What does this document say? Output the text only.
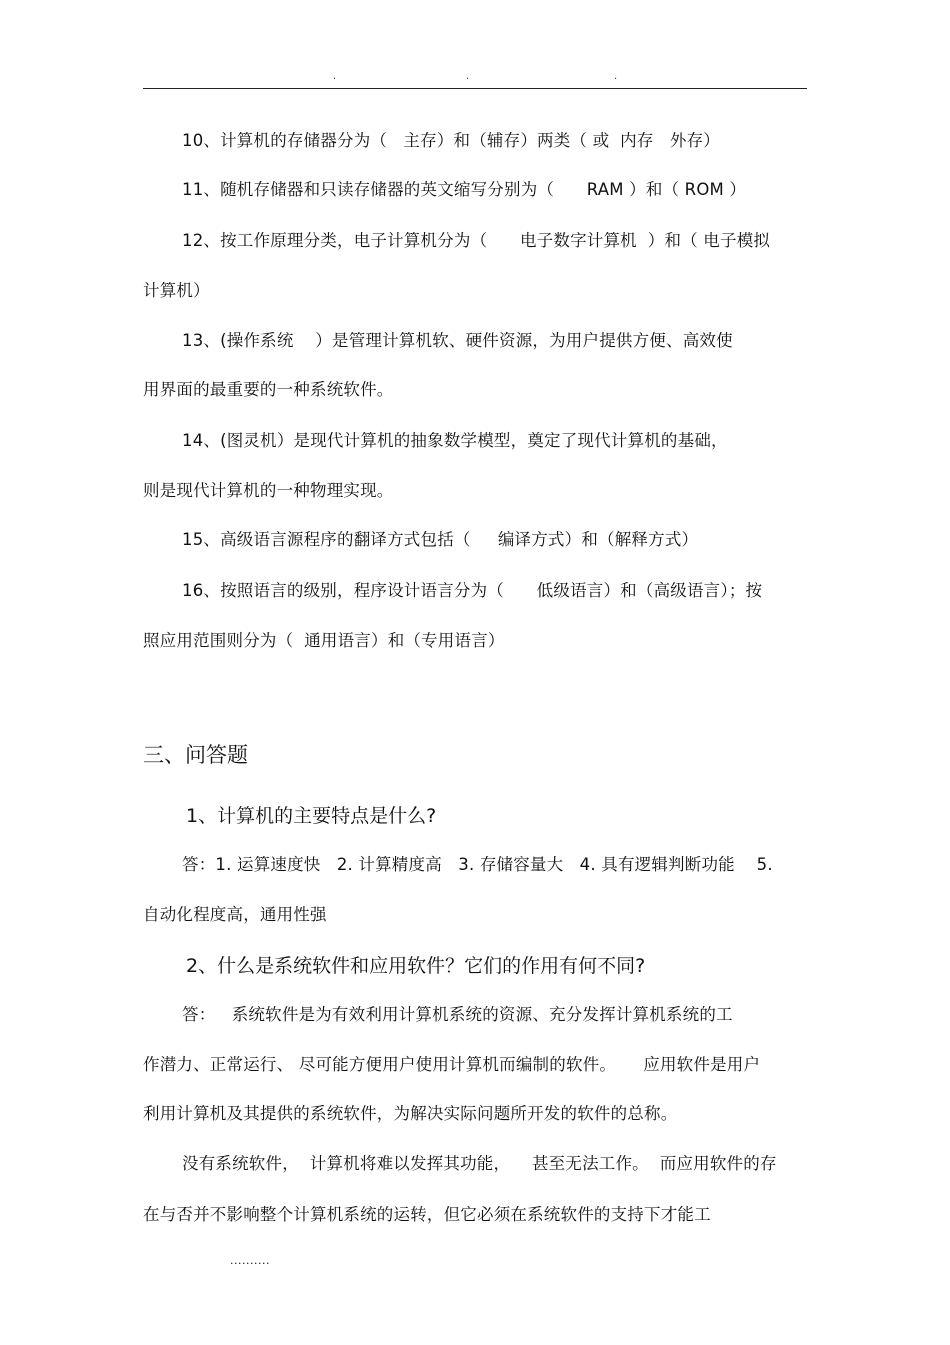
.	.	.
10、计算机的存储器分为（   主存）和（辅存）两类（ 或  内存   外存）
11、随机存储器和只读存储器的英文缩写分别为（      RAM ）和（ ROM ）
12、按工作原理分类，电子计算机分为（      电子数字计算机  ）和（ 电子模拟
计算机）
13、(操作系统    ）是管理计算机软、硬件资源，为用户提供方便、高效使
用界面的最重要的一种系统软件。
14、(图灵机）是现代计算机的抽象数学模型，奠定了现代计算机的基础，
则是现代计算机的一种物理实现。
15、高级语言源程序的翻译方式包括（     编译方式）和（解释方式）
16、按照语言的级别，程序设计语言分为（      低级语言）和（高级语言）；按
照应用范围则分为（  通用语言）和（专用语言）
三、问答题
1、计算机的主要特点是什么?
答：1. 运算速度快   2. 计算精度高   3. 存储容量大   4. 具有逻辑判断功能    5.
自动化程度高，通用性强
2、什么是系统软件和应用软件？它们的作用有何不同?
答：   系统软件是为有效利用计算机系统的资源、充分发挥计算机系统的工
作潜力、正常运行、 尽可能方便用户使用计算机而编制的软件。     应用软件是用户
利用计算机及其提供的系统软件，为解决实际问题所开发的软件的总称。
没有系统软件，  计算机将难以发挥其功能，    甚至无法工作。  而应用软件的存
在与否并不影响整个计算机系统的运转，但它必须在系统软件的支持下才能工
..........
